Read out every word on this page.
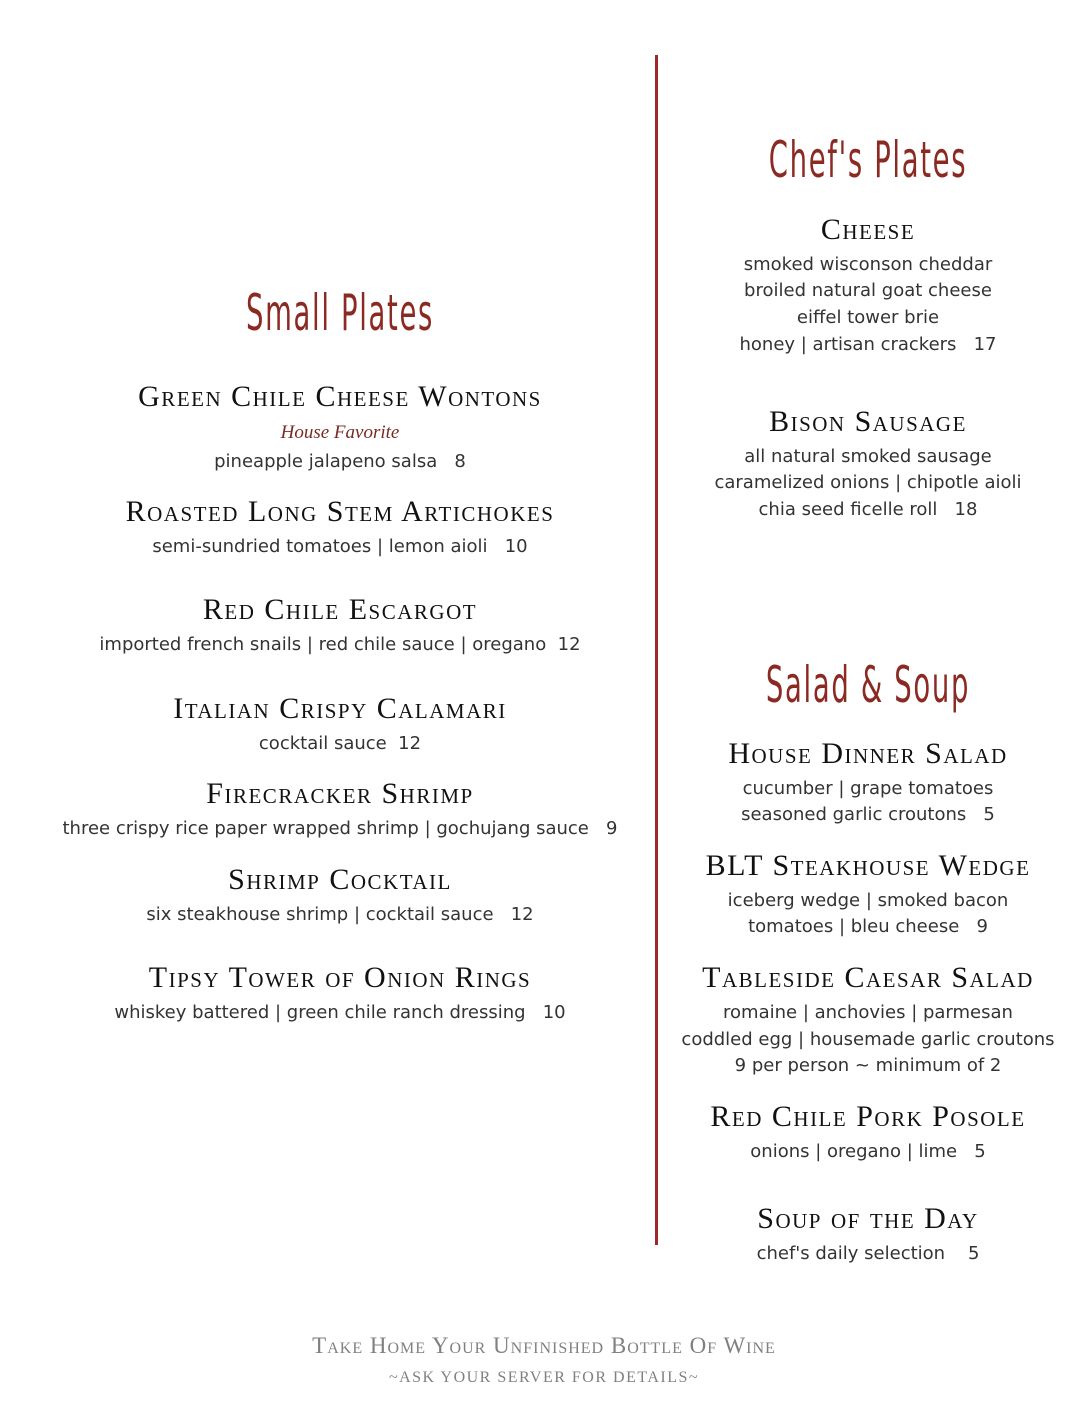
Small Plates
Green Chile Cheese Wontons
House Favorite
pineapple jalapeno salsa   8
Roasted Long Stem Artichokes
semi-sundried tomatoes | lemon aioli   10
Red Chile Escargot
imported french snails | red chile sauce | oregano  12
Italian Crispy Calamari
cocktail sauce  12
Firecracker Shrimp
three crispy rice paper wrapped shrimp | gochujang sauce   9
Shrimp Cocktail
six steakhouse shrimp | cocktail sauce   12
Tipsy Tower of Onion Rings
whiskey battered | green chile ranch dressing   10
Chef's Plates
Cheese
smoked wisconson cheddar
broiled natural goat cheese
eiffel tower brie
honey | artisan crackers   17
Bison Sausage
all natural smoked sausage
caramelized onions | chipotle aioli
chia seed ficelle roll   18
Salad & Soup
House Dinner Salad
cucumber | grape tomatoes
seasoned garlic croutons   5
BLT Steakhouse Wedge
iceberg wedge | smoked bacon
tomatoes | bleu cheese   9
Tableside Caesar Salad
romaine | anchovies | parmesan
coddled egg | housemade garlic croutons
9 per person ~ minimum of 2
Red Chile Pork Posole
onions | oregano | lime   5
Soup of the Day
chef's daily selection    5
Take Home Your Unfinished Bottle Of Wine
~ASK YOUR SERVER FOR DETAILS~
